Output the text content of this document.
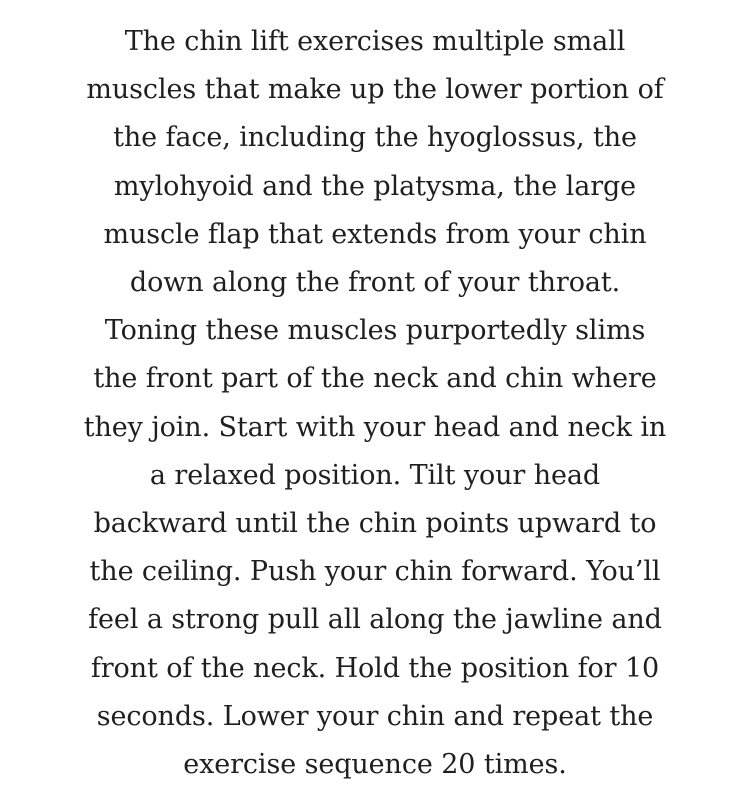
The chin lift exercises multiple small
muscles that make up the lower portion of
the face, including the hyoglossus, the
mylohyoid and the platysma, the large
muscle flap that extends from your chin
down along the front of your throat.
Toning these muscles purportedly slims
the front part of the neck and chin where
they join. Start with your head and neck in
a relaxed position. Tilt your head
backward until the chin points upward to
the ceiling. Push your chin forward. You’ll
feel a strong pull all along the jawline and
front of the neck. Hold the position for 10
seconds. Lower your chin and repeat the
exercise sequence 20 times.
